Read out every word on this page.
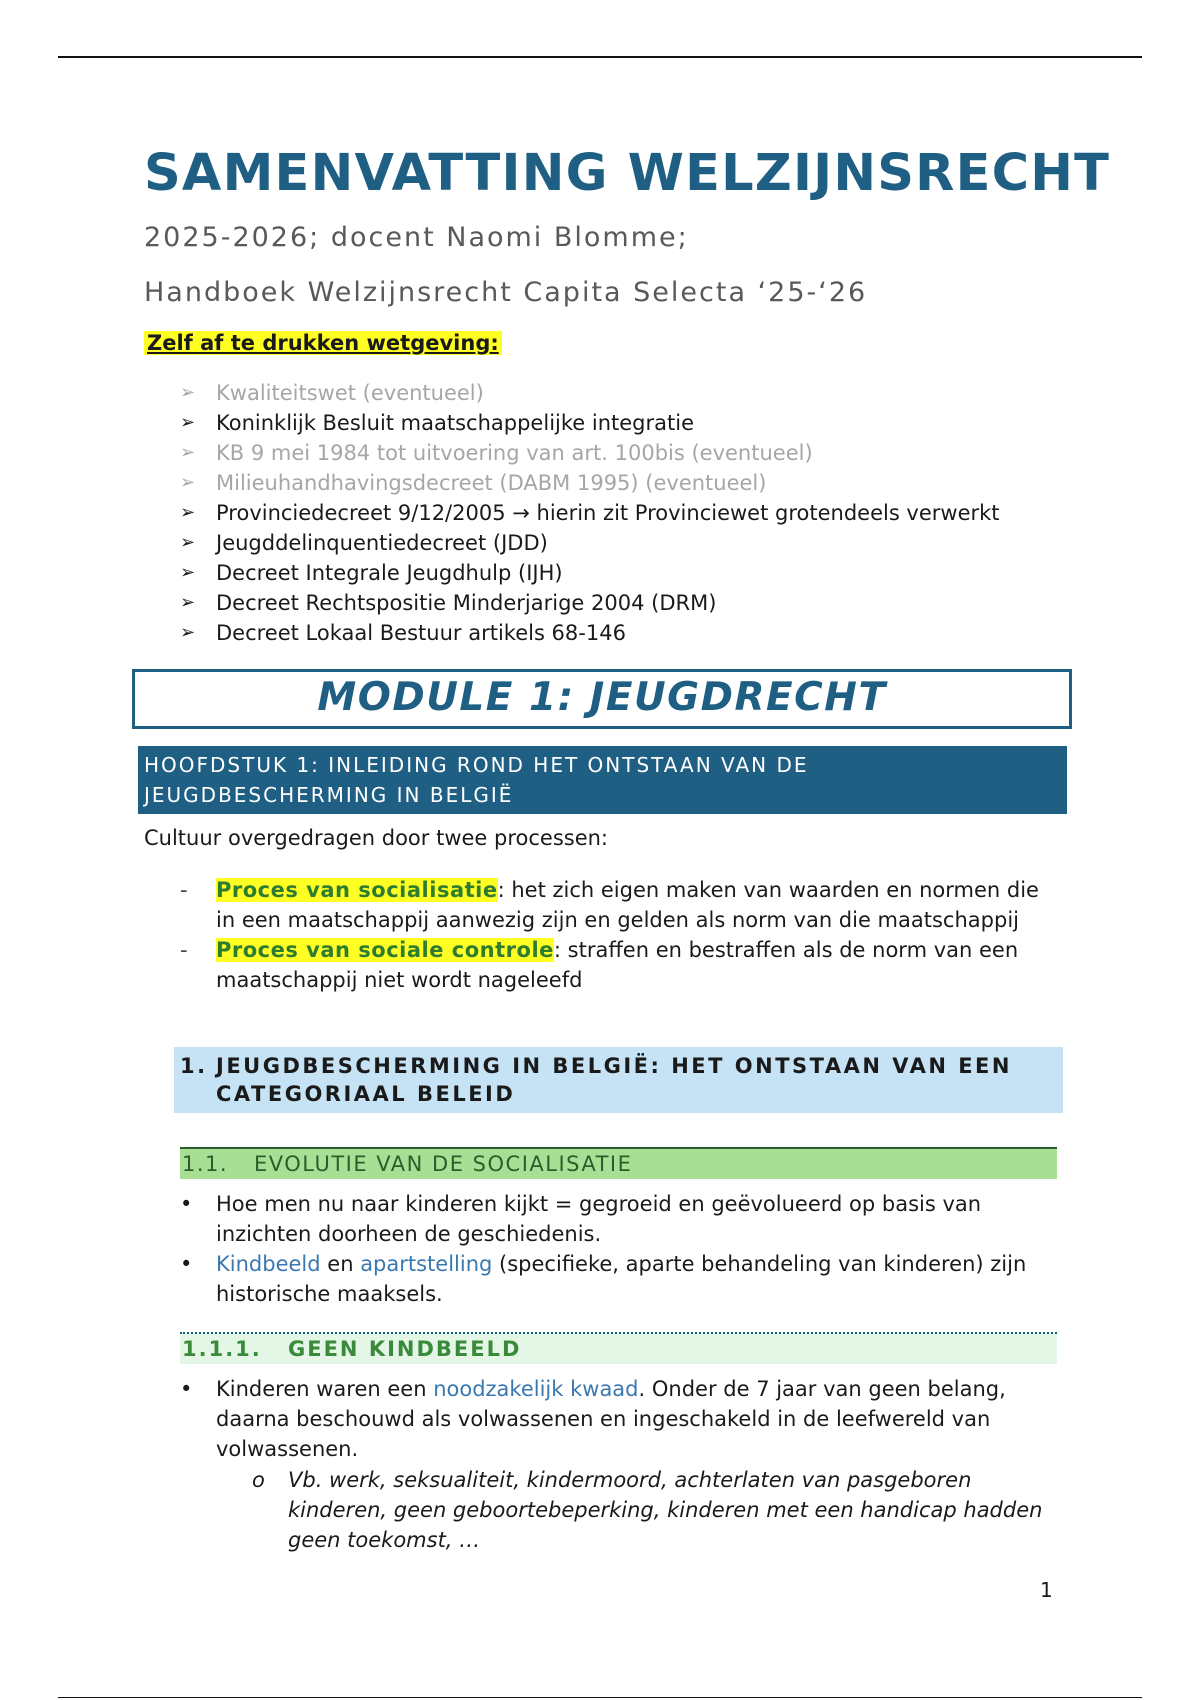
SAMENVATTING WELZIJNSRECHT
2025-2026; docent Naomi Blomme;
Handboek Welzijnsrecht Capita Selecta ‘25-‘26
Zelf af te drukken wetgeving:
➢ Kwaliteitswet (eventueel)
➢ Koninklijk Besluit maatschappelijke integratie
➢ KB 9 mei 1984 tot uitvoering van art. 100bis (eventueel)
➢ Milieuhandhavingsdecreet (DABM 1995) (eventueel)
➢ Provinciedecreet 9/12/2005 → hierin zit Provinciewet grotendeels verwerkt
➢ Jeugddelinquentiedecreet (JDD)
➢ Decreet Integrale Jeugdhulp (IJH)
➢ Decreet Rechtspositie Minderjarige 2004 (DRM)
➢ Decreet Lokaal Bestuur artikels 68-146
MODULE 1: JEUGDRECHT
HOOFDSTUK 1: INLEIDING ROND HET ONTSTAAN VAN DE
JEUGDBESCHERMING IN BELGIË
Cultuur overgedragen door twee processen:
-	Proces van socialisatie: het zich eigen maken van waarden en normen die in een maatschappij aanwezig zijn en gelden als norm van die maatschappij
-	Proces van sociale controle: straffen en bestraffen als de norm van een maatschappij niet wordt nageleefd
1. JEUGDBESCHERMING IN BELGIË: HET ONTSTAAN VAN EEN
CATEGORIAAL BELEID
1.1. EVOLUTIE VAN DE SOCIALISATIE
•	Hoe men nu naar kinderen kijkt = gegroeid en geëvolueerd op basis van inzichten doorheen de geschiedenis.
•	Kindbeeld en apartstelling (specifieke, aparte behandeling van kinderen) zijn historische maaksels.
1.1.1. GEEN KINDBEELD
•	Kinderen waren een noodzakelijk kwaad. Onder de 7 jaar van geen belang, daarna beschouwd als volwassenen en ingeschakeld in de leefwereld van volwassenen.
o	Vb. werk, seksualiteit, kindermoord, achterlaten van pasgeboren kinderen, geen geboortebeperking, kinderen met een handicap hadden geen toekomst, …
1
